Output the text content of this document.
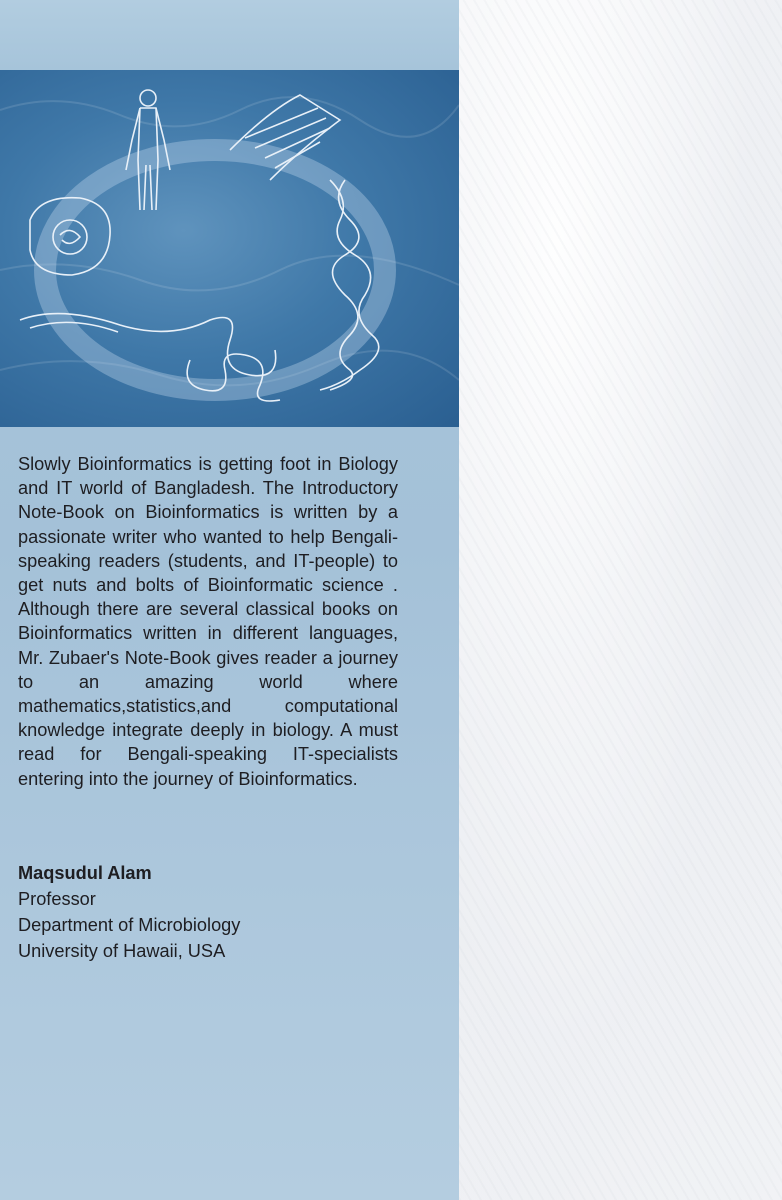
Slowly Bioinformatics is getting foot in Biology and IT world of Bangladesh. The Introductory Note-Book on Bioinformatics is written by a passionate writer who wanted to help Bengali-speaking readers (students, and IT-people) to get nuts and bolts of Bioinformatic science . Although there are several classical books on Bioinformatics written in different languages, Mr. Zubaer's Note-Book gives reader a journey to an amazing world where mathematics,statistics,and computational knowledge integrate deeply in biology. A must read for Bengali-speaking IT-specialists entering into the journey of Bioinformatics.

Maqsudul Alam
Professor
Department of Microbiology
University of Hawaii, USA
